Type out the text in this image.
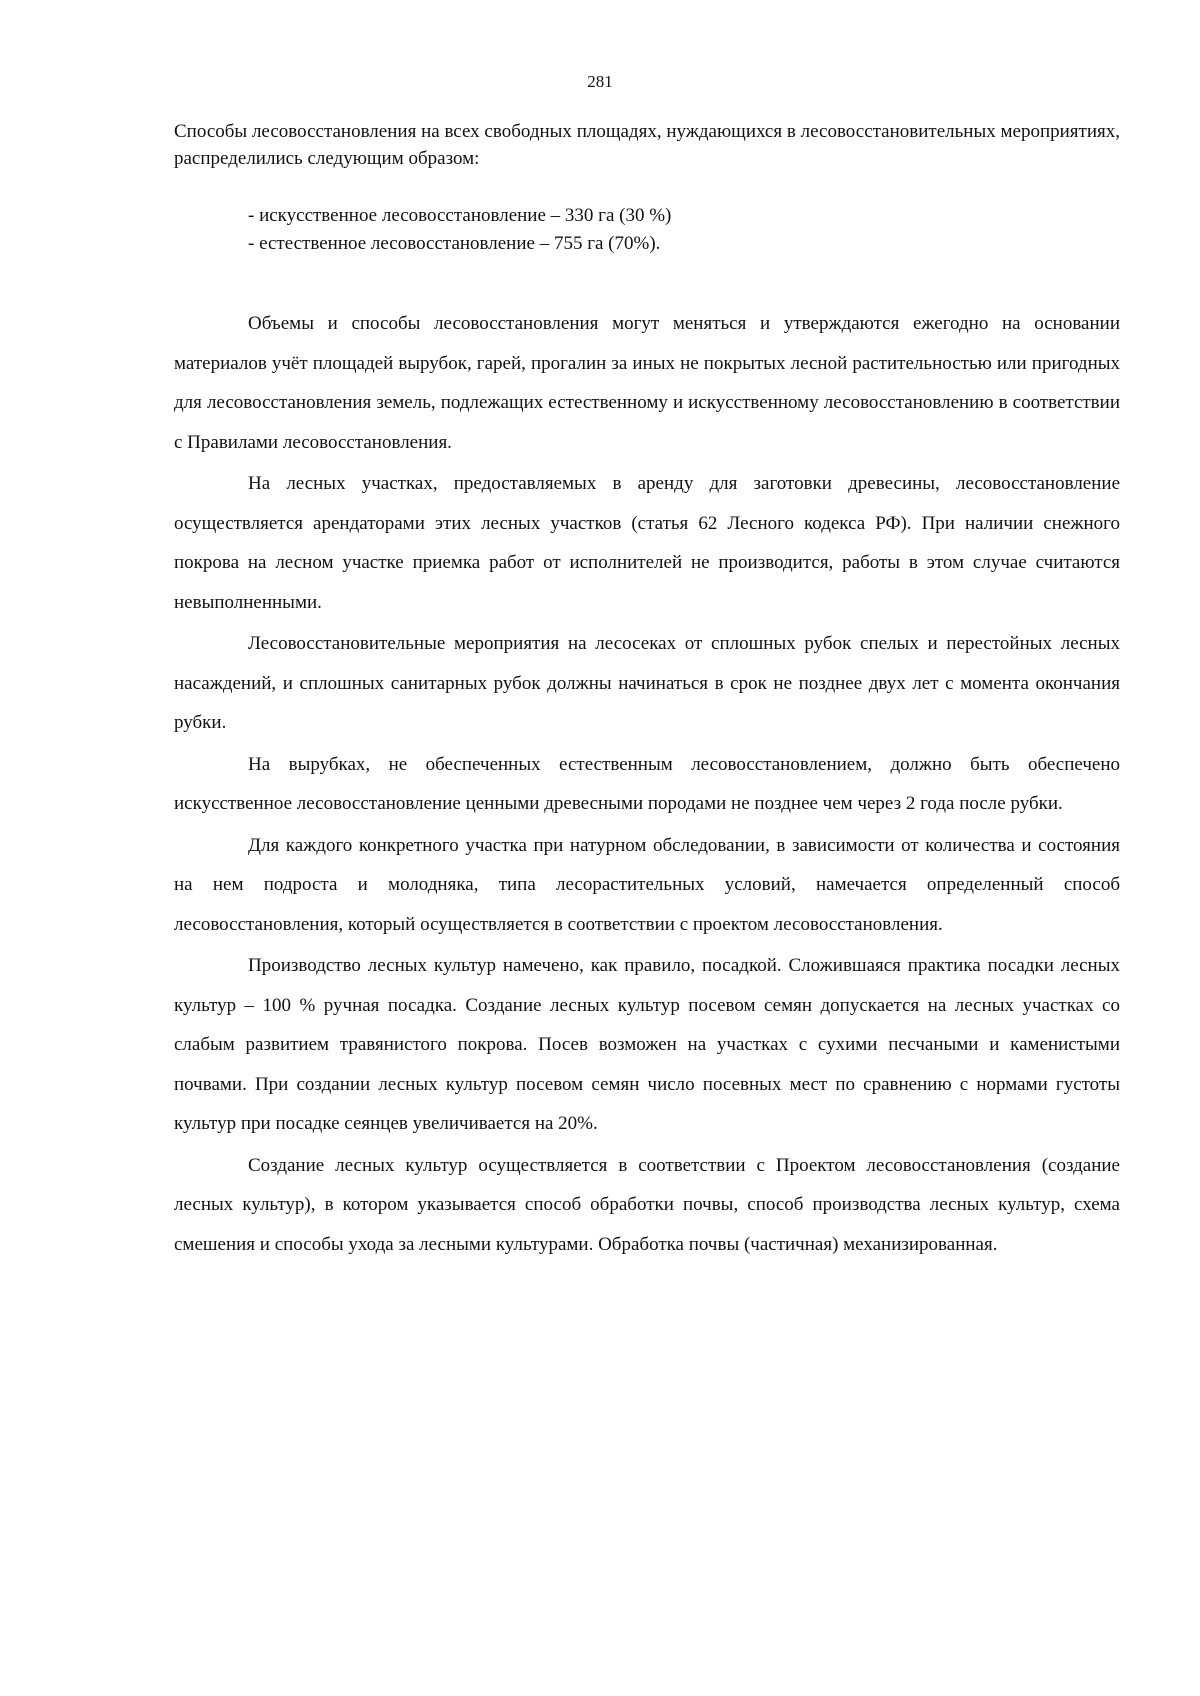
281

Способы лесовосстановления на всех свободных площадях, нуждающихся в лесовосстановительных мероприятиях, распределились следующим образом:

- искусственное лесовосстановление – 330 га (30 %)
- естественное лесовосстановление – 755 га (70%).

Объемы и способы лесовосстановления могут меняться и утверждаются ежегодно на основании материалов учёт площадей вырубок, гарей, прогалин за иных не покрытых лесной растительностью или пригодных для лесовосстановления земель, подлежащих естественному и искусственному лесовосстановлению в соответствии с Правилами лесовосстановления.

На лесных участках, предоставляемых в аренду для заготовки древесины, лесовосстановление осуществляется арендаторами этих лесных участков (статья 62 Лесного кодекса РФ). При наличии снежного покрова на лесном участке приемка работ от исполнителей не производится, работы в этом случае считаются невыполненными.

Лесовосстановительные мероприятия на лесосеках от сплошных рубок спелых и перестойных лесных насаждений, и сплошных санитарных рубок должны начинаться в срок не позднее двух лет с момента окончания рубки.

На вырубках, не обеспеченных естественным лесовосстановлением, должно быть обеспечено искусственное лесовосстановление ценными древесными породами не позднее чем через 2 года после рубки.

Для каждого конкретного участка при натурном обследовании, в зависимости от количества и состояния на нем подроста и молодняка, типа лесорастительных условий, намечается определенный способ лесовосстановления, который осуществляется в соответствии с проектом лесовосстановления.

Производство лесных культур намечено, как правило, посадкой. Сложившаяся практика посадки лесных культур – 100 % ручная посадка. Создание лесных культур посевом семян допускается на лесных участках со слабым развитием травянистого покрова. Посев возможен на участках с сухими песчаными и каменистыми почвами. При создании лесных культур посевом семян число посевных мест по сравнению с нормами густоты культур при посадке сеянцев увеличивается на 20%.

Создание лесных культур осуществляется в соответствии с Проектом лесовосстановления (создание лесных культур), в котором указывается способ обработки почвы, способ производства лесных культур, схема смешения и способы ухода за лесными культурами. Обработка почвы (частичная) механизированная.
